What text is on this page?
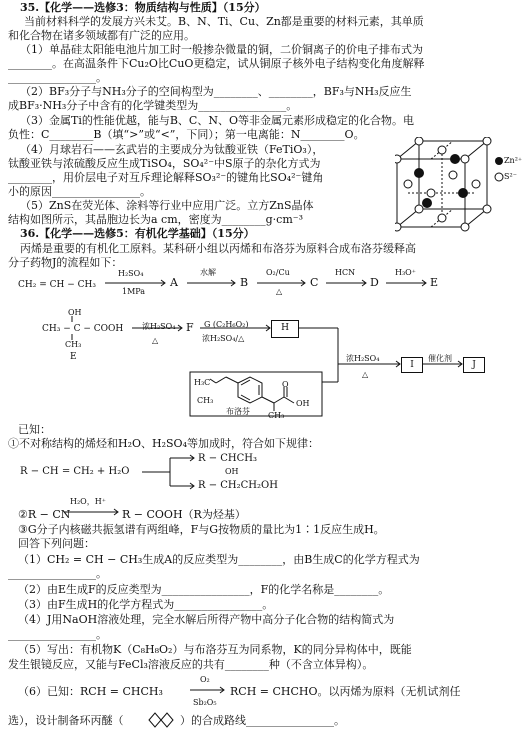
35.【化学——选修3：物质结构与性质】（15分）
当前材料科学的发展方兴未艾。B、N、Ti、Cu、Zn都是重要的材料元素，其单质
和化合物在诸多领域都有广泛的应用。
（1）单晶硅太阳能电池片加工时一般掺杂微量的铜，二价铜离子的价电子排布式为
________。在高温条件下Cu₂O比CuO更稳定，试从铜原子核外电子结构变化角度解释
________________。
（2）BF₃分子与NH₃分子的空间构型为________、________，BF₃与NH₃反应生
成BF₃·NH₃分子中含有的化学键类型为________________。
（3）金属Ti的性能优越，能与B、C、N、O等非金属元素形成稳定的化合物。电
负性：C________B（填“>”或“<”，下同）；第一电离能：N________O。
（4）月球岩石——玄武岩的主要成分为钛酸亚铁（FeTiO₃），
钛酸亚铁与浓硫酸反应生成TiSO₄，SO₄²⁻中S原子的杂化方式为
________，用价层电子对互斥理论解释SO₃²⁻的键角比SO₄²⁻键角
小的原因________________。
（5）ZnS在荧光体、涂料等行业中应用广泛。立方ZnS晶体
结构如图所示，其晶胞边长为a cm，密度为________g·cm⁻³
Zn²⁺
S²⁻
36.【化学——选修5：有机化学基础】（15分）
丙烯是重要的有机化工原料。某科研小组以丙烯和布洛芬为原料合成布洛芬缓释高
分子药物J的流程如下：
CH₂ = CH − CH₃
H₂SO₄
1MPa
A
水解
B
O₂/Cu
△
C
HCN
D
H₃O⁺
E
OH
CH₃ − C − COOH
CH₃
E
浓H₂SO₄
△
F G (C₂H₆O₂)
浓H₂SO₄/△
H
浓H₂SO₄
△
I
催化剂
J
H₃C
CH₃	OH
CH₃
O
布洛芬
已知：
①不对称结构的烯烃和H₂O、H₂SO₄等加成时，符合如下规律：
R − CH = CH₂ + H₂O
R − CHCH₃
OH
R − CH₂CH₂OH
②R − CN
H₂O，H⁺
R − COOH（R为烃基）
③G分子内核磁共振氢谱有两组峰，F与G按物质的量比为1∶1反应生成H。
回答下列问题：
（1）CH₂ = CH − CH₃生成A的反应类型为________，由B生成C的化学方程式为
________________。
（2）由E生成F的反应类型为________________，F的化学名称是________。
（3）由F生成H的化学方程式为________________。
（4）J用NaOH溶液处理，完全水解后所得产物中高分子化合物的结构简式为
________________。
（5）写出：有机物K（C₈H₈O₂）与布洛芬互为同系物，K的同分异构体中，既能
发生银镜反应，又能与FeCl₃溶液反应的共有________种（不含立体异构）。
（6）已知：RCH = CHCH₃
O₂
Sb₂O₅
RCH = CHCHO。以丙烯为原料（无机试剂任
选），设计制备环丙醚（	）的合成路线________________。
